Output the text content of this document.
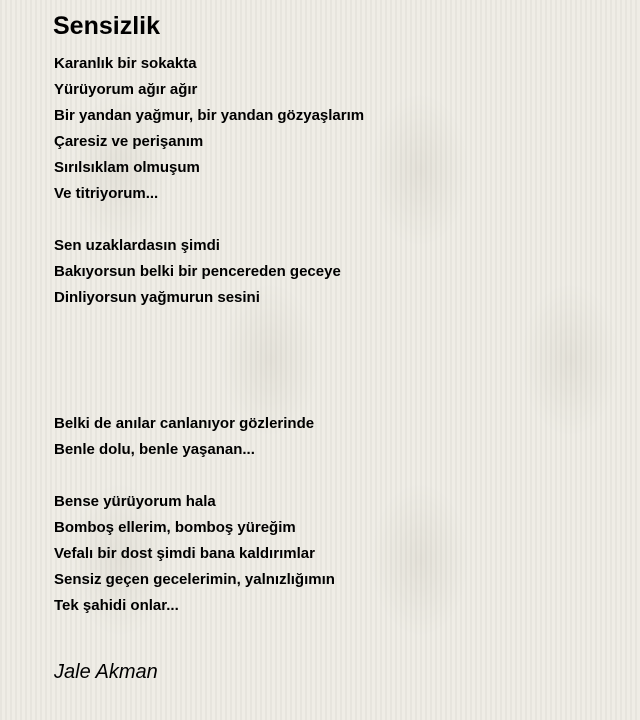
Sensizlik

Karanlık bir sokakta

Yürüyorum ağır ağır

Bir yandan yağmur, bir yandan gözyaşlarım

Çaresiz ve perişanım

Sırılsıklam olmuşum

Ve titriyorum...

Sen uzaklardasın şimdi

Bakıyorsun belki bir pencereden geceye

Dinliyorsun yağmurun sesini

Belki de anılar canlanıyor gözlerinde

Benle dolu, benle yaşanan...

Bense yürüyorum hala

Bomboş ellerim, bomboş yüreğim

Vefalı bir dost şimdi bana kaldırımlar

Sensiz geçen gecelerimin, yalnızlığımın

Tek şahidi onlar...

Jale Akman
